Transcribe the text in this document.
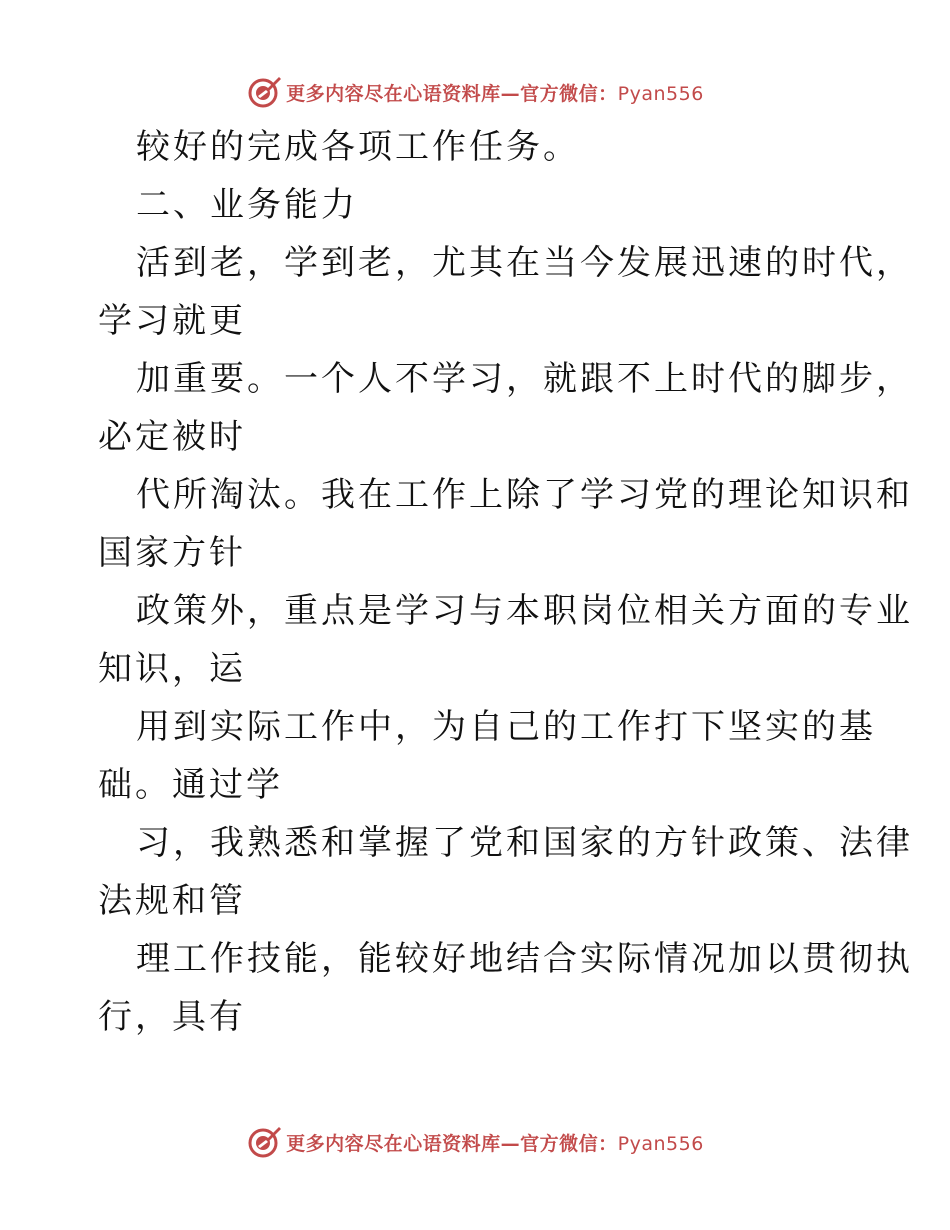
更多内容尽在心语资料库—官方微信：Pyan556
较好的完成各项工作任务。
二、业务能力
活到老，学到老，尤其在当今发展迅速的时代，
学习就更
加重要。一个人不学习，就跟不上时代的脚步，
必定被时
代所淘汰。我在工作上除了学习党的理论知识和
国家方针
政策外，重点是学习与本职岗位相关方面的专业
知识，运
用到实际工作中，为自己的工作打下坚实的基
础。通过学
习，我熟悉和掌握了党和国家的方针政策、法律
法规和管
理工作技能，能较好地结合实际情况加以贯彻执
行，具有
更多内容尽在心语资料库—官方微信：Pyan556
